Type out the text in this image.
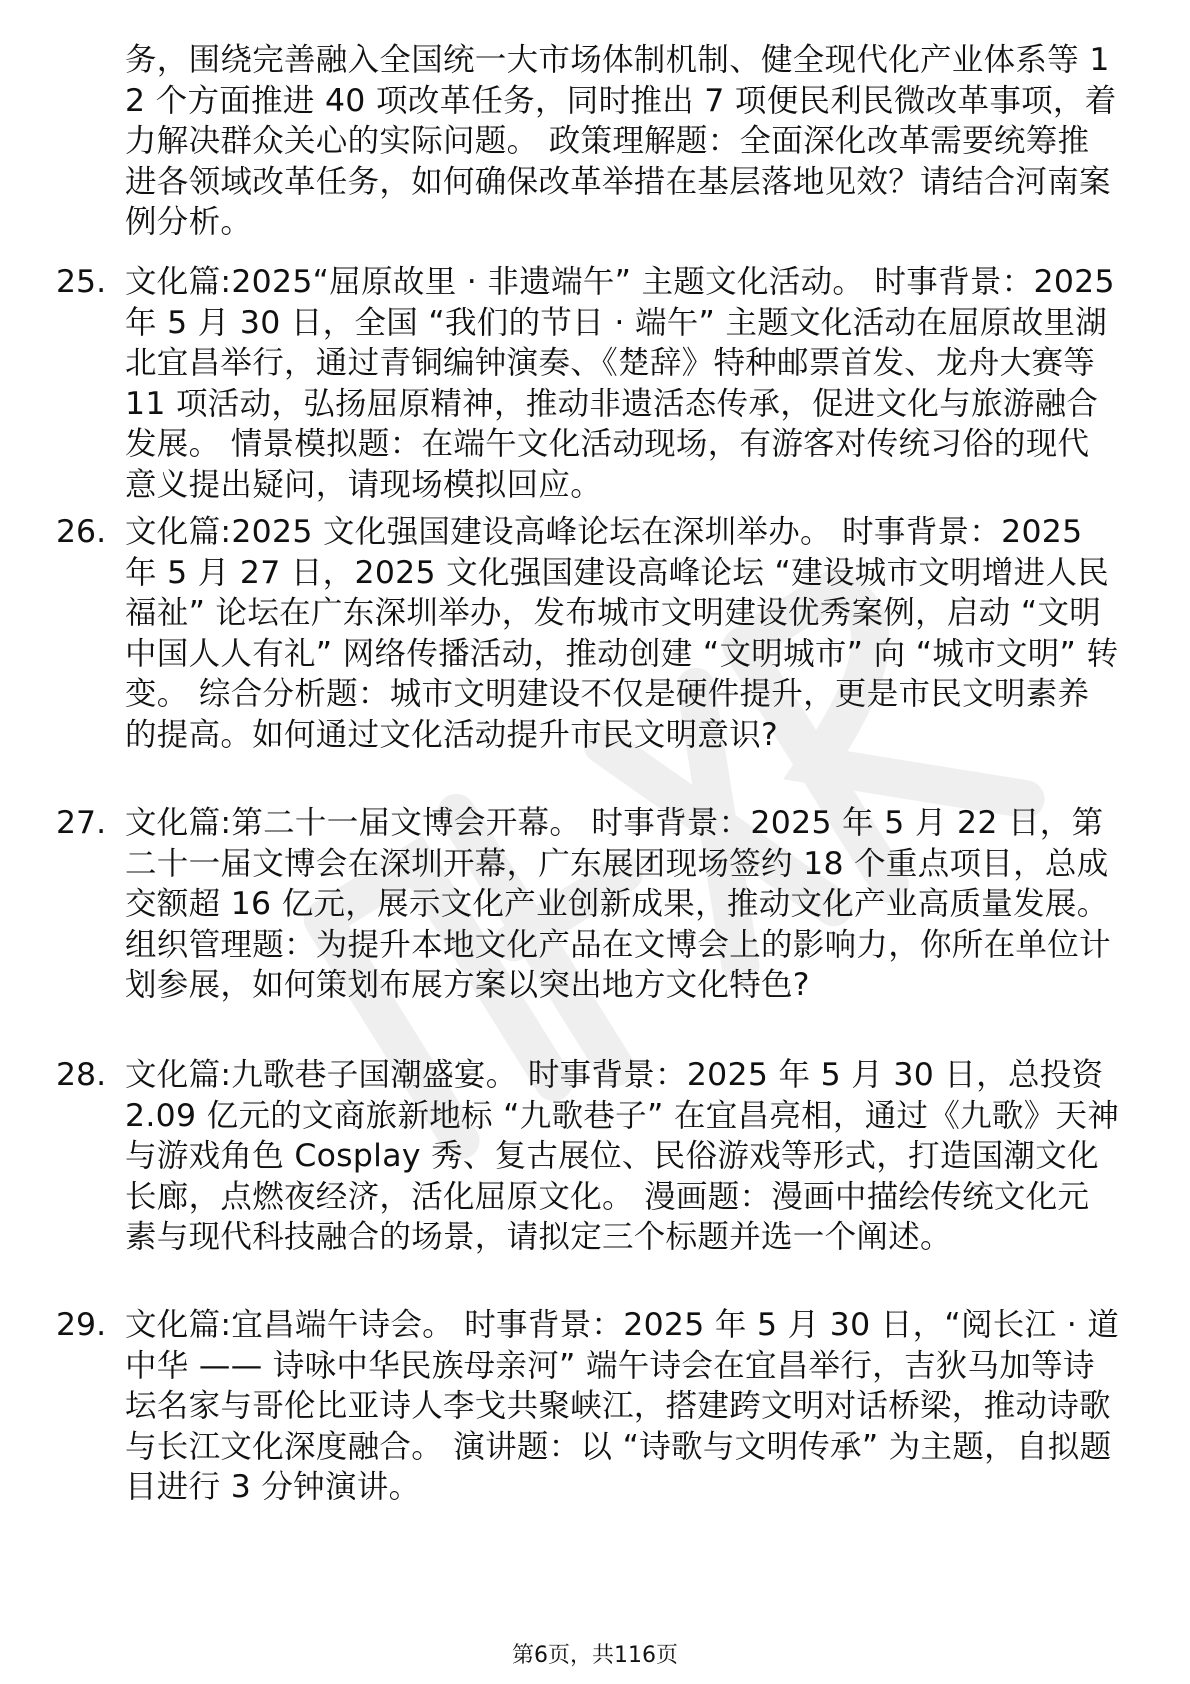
务，围绕完善融入全国统一大市场体制机制、健全现代化产业体系等 12 个方面推进 40 项改革任务，同时推出 7 项便民利民微改革事项，着力解决群众关心的实际问题。 政策理解题：全面深化改革需要统筹推进各领域改革任务，如何确保改革举措在基层落地见效？请结合河南案例分析。

25. 文化篇:2025“屈原故里 · 非遗端午” 主题文化活动。 时事背景：2025 年 5 月 30 日，全国 “我们的节日 · 端午” 主题文化活动在屈原故里湖北宜昌举行，通过青铜编钟演奏、《楚辞》特种邮票首发、龙舟大赛等 11 项活动，弘扬屈原精神，推动非遗活态传承，促进文化与旅游融合发展。 情景模拟题：在端午文化活动现场，有游客对传统习俗的现代意义提出疑问，请现场模拟回应。
26. 文化篇:2025 文化强国建设高峰论坛在深圳举办。 时事背景：2025 年 5 月 27 日，2025 文化强国建设高峰论坛 “建设城市文明增进人民福祉” 论坛在广东深圳举办，发布城市文明建设优秀案例，启动 “文明中国人人有礼” 网络传播活动，推动创建 “文明城市” 向 “城市文明” 转变。 综合分析题：城市文明建设不仅是硬件提升，更是市民文明素养的提高。如何通过文化活动提升市民文明意识?
27. 文化篇:第二十一届文博会开幕。 时事背景：2025 年 5 月 22 日，第二十一届文博会在深圳开幕，广东展团现场签约 18 个重点项目，总成交额超 16 亿元，展示文化产业创新成果，推动文化产业高质量发展。 组织管理题：为提升本地文化产品在文博会上的影响力，你所在单位计划参展，如何策划布展方案以突出地方文化特色?
28. 文化篇:九歌巷子国潮盛宴。 时事背景：2025 年 5 月 30 日，总投资 2.09 亿元的文商旅新地标 “九歌巷子” 在宜昌亮相，通过《九歌》天神与游戏角色 Cosplay 秀、复古展位、民俗游戏等形式，打造国潮文化长廊，点燃夜经济，活化屈原文化。 漫画题：漫画中描绘传统文化元素与现代科技融合的场景，请拟定三个标题并选一个阐述。
29. 文化篇:宜昌端午诗会。 时事背景：2025 年 5 月 30 日，“阅长江 · 道中华 —— 诗咏中华民族母亲河” 端午诗会在宜昌举行，吉狄马加等诗坛名家与哥伦比亚诗人李戈共聚峡江，搭建跨文明对话桥梁，推动诗歌与长江文化深度融合。 演讲题：以 “诗歌与文明传承” 为主题，自拟题目进行 3 分钟演讲。
第6页，共116页
